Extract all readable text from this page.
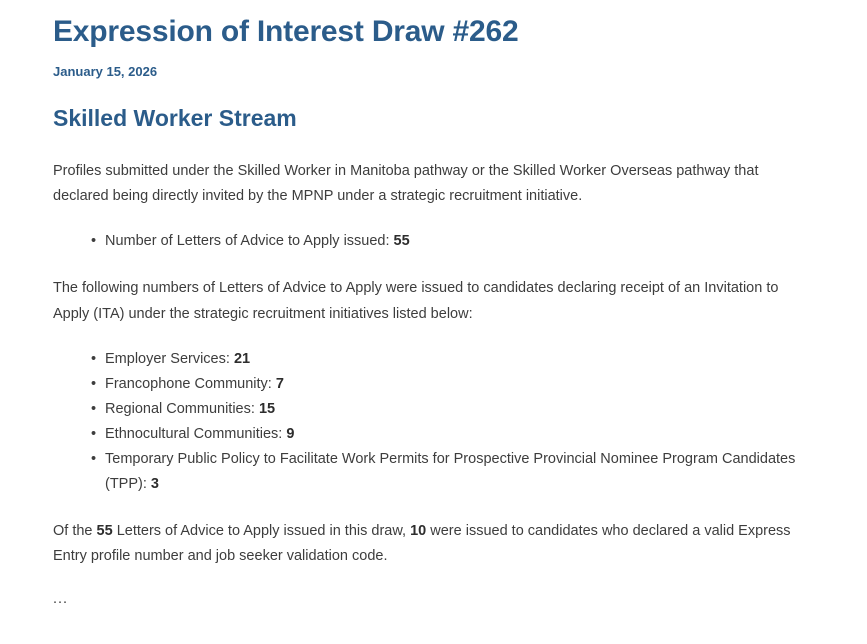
Expression of Interest Draw #262
January 15, 2026
Skilled Worker Stream

Profiles submitted under the Skilled Worker in Manitoba pathway or the Skilled Worker Overseas pathway that declared being directly invited by the MPNP under a strategic recruitment initiative.

• Number of Letters of Advice to Apply issued: 55

The following numbers of Letters of Advice to Apply were issued to candidates declaring receipt of an Invitation to Apply (ITA) under the strategic recruitment initiatives listed below:

• Employer Services: 21
• Francophone Community: 7
• Regional Communities: 15
• Ethnocultural Communities: 9
• Temporary Public Policy to Facilitate Work Permits for Prospective Provincial Nominee Program Candidates (TPP): 3

Of the 55 Letters of Advice to Apply issued in this draw, 10 were issued to candidates who declared a valid Express Entry profile number and job seeker validation code.

...
